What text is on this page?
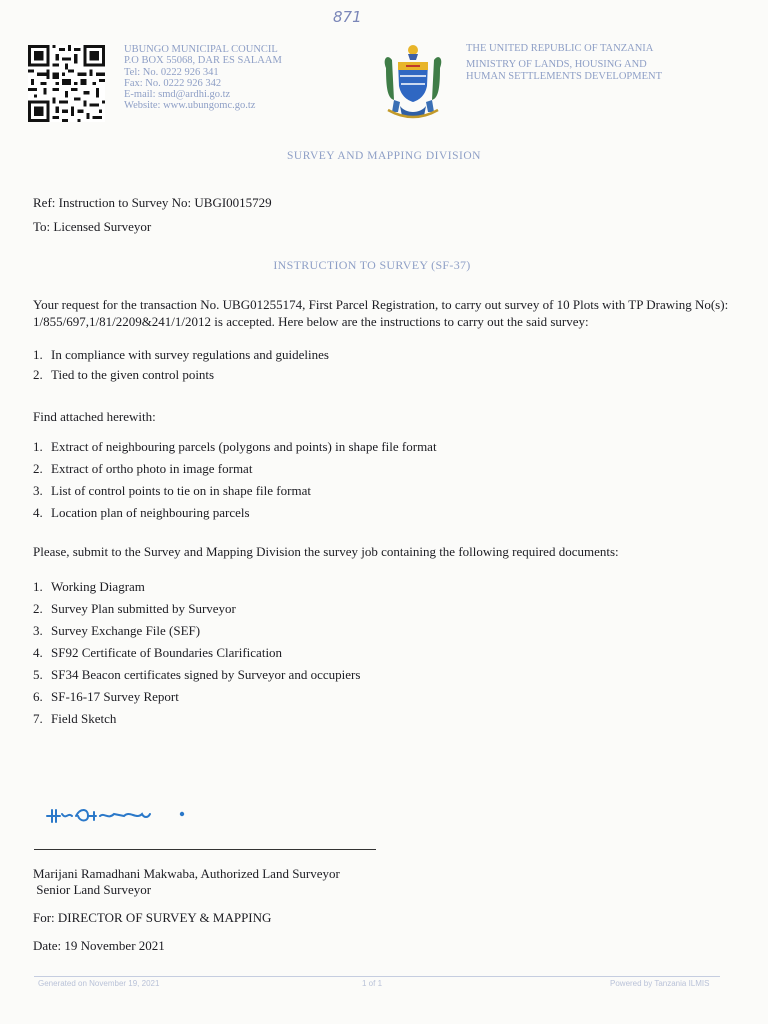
871
UBUNGO MUNICIPAL COUNCIL
P.O BOX 55068, DAR ES SALAAM
Tel: No. 0222 926 341
Fax: No. 0222 926 342
E-mail: smd@ardhi.go.tz
Website: www.ubungomc.go.tz
THE UNITED REPUBLIC OF TANZANIA
MINISTRY OF LANDS, HOUSING AND
HUMAN SETTLEMENTS DEVELOPMENT
SURVEY AND MAPPING DIVISION
Ref: Instruction to Survey No: UBGI0015729
To: Licensed Surveyor
INSTRUCTION TO SURVEY (SF-37)
Your request for the transaction No. UBG01255174, First Parcel Registration, to carry out survey of 10 Plots with TP Drawing No(s): 1/855/697,1/81/2209&241/1/2012 is accepted. Here below are the instructions to carry out the said survey:
1. In compliance with survey regulations and guidelines
2. Tied to the given control points
Find attached herewith:
1. Extract of neighbouring parcels (polygons and points) in shape file format
2. Extract of ortho photo in image format
3. List of control points to tie on in shape file format
4. Location plan of neighbouring parcels
Please, submit to the Survey and Mapping Division the survey job containing the following required documents:
1. Working Diagram
2. Survey Plan submitted by Surveyor
3. Survey Exchange File (SEF)
4. SF92 Certificate of Boundaries Clarification
5. SF34 Beacon certificates signed by Surveyor and occupiers
6. SF-16-17 Survey Report
7. Field Sketch
Marijani Ramadhani Makwaba, Authorized Land Surveyor
Senior Land Surveyor
For: DIRECTOR OF SURVEY & MAPPING
Date: 19 November 2021
Generated on November 19, 2021	1 of 1	Powered by Tanzania ILMIS
